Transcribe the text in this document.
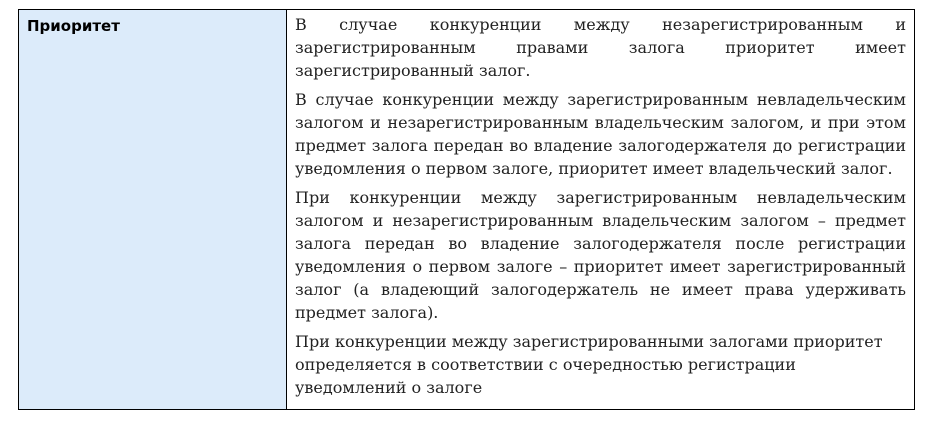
Приоритет	В случае конкуренции между незарегистрированным и зарегистрированным правами залога приоритет имеет зарегистрированный залог.

В случае конкуренции между зарегистрированным невладельческим залогом и незарегистрированным владельческим залогом, и при этом предмет залога передан во владение залогодержателя до регистрации уведомления о первом залоге, приоритет имеет владельческий залог.

При конкуренции между зарегистрированным невладельческим залогом и незарегистрированным владельческим залогом – предмет залога передан во владение залогодержателя после регистрации уведомления о первом залоге – приоритет имеет зарегистрированный залог (а владеющий залогодержатель не имеет права удерживать предмет залога).

При конкуренции между зарегистрированными залогами приоритет определяется в соответствии с очередностью регистрации уведомлений о залоге
